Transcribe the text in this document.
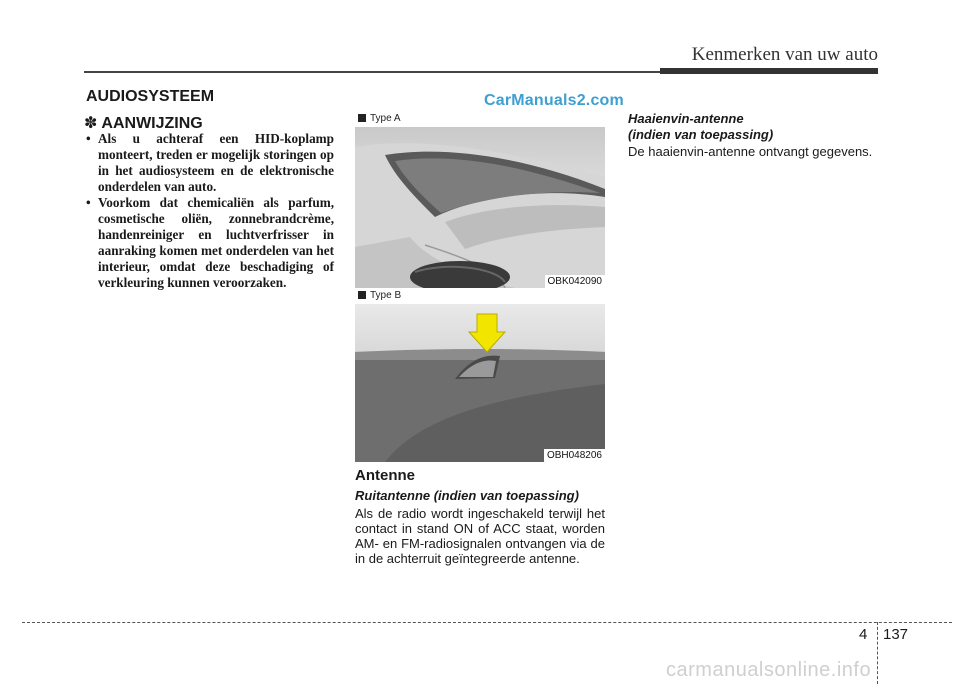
Kenmerken van uw auto
AUDIOSYSTEEM	CarManuals2.com
✽ AANWIJZING
• Als u achteraf een HID-koplamp monteert, treden er mogelijk storingen op in het audiosysteem en de elektronische onderdelen van auto.
• Voorkom dat chemicaliën als parfum, cosmetische oliën, zonnebrandcrème, handenreiniger en luchtverfrisser in aanraking komen met onderdelen van het interieur, omdat deze beschadiging of verkleuring kunnen veroorzaken.
Type A
OBK042090
Type B
OBH048206
Antenne
Ruitantenne (indien van toepassing)

Als de radio wordt ingeschakeld terwijl het contact in stand ON of ACC staat, worden AM- en FM-radiosignalen ontvangen via de in de achterruit geïntegreerde antenne.

Haaienvin-antenne
(indien van toepassing)

De haaienvin-antenne ontvangt gegevens.

4 137
carmanualsonline.info
